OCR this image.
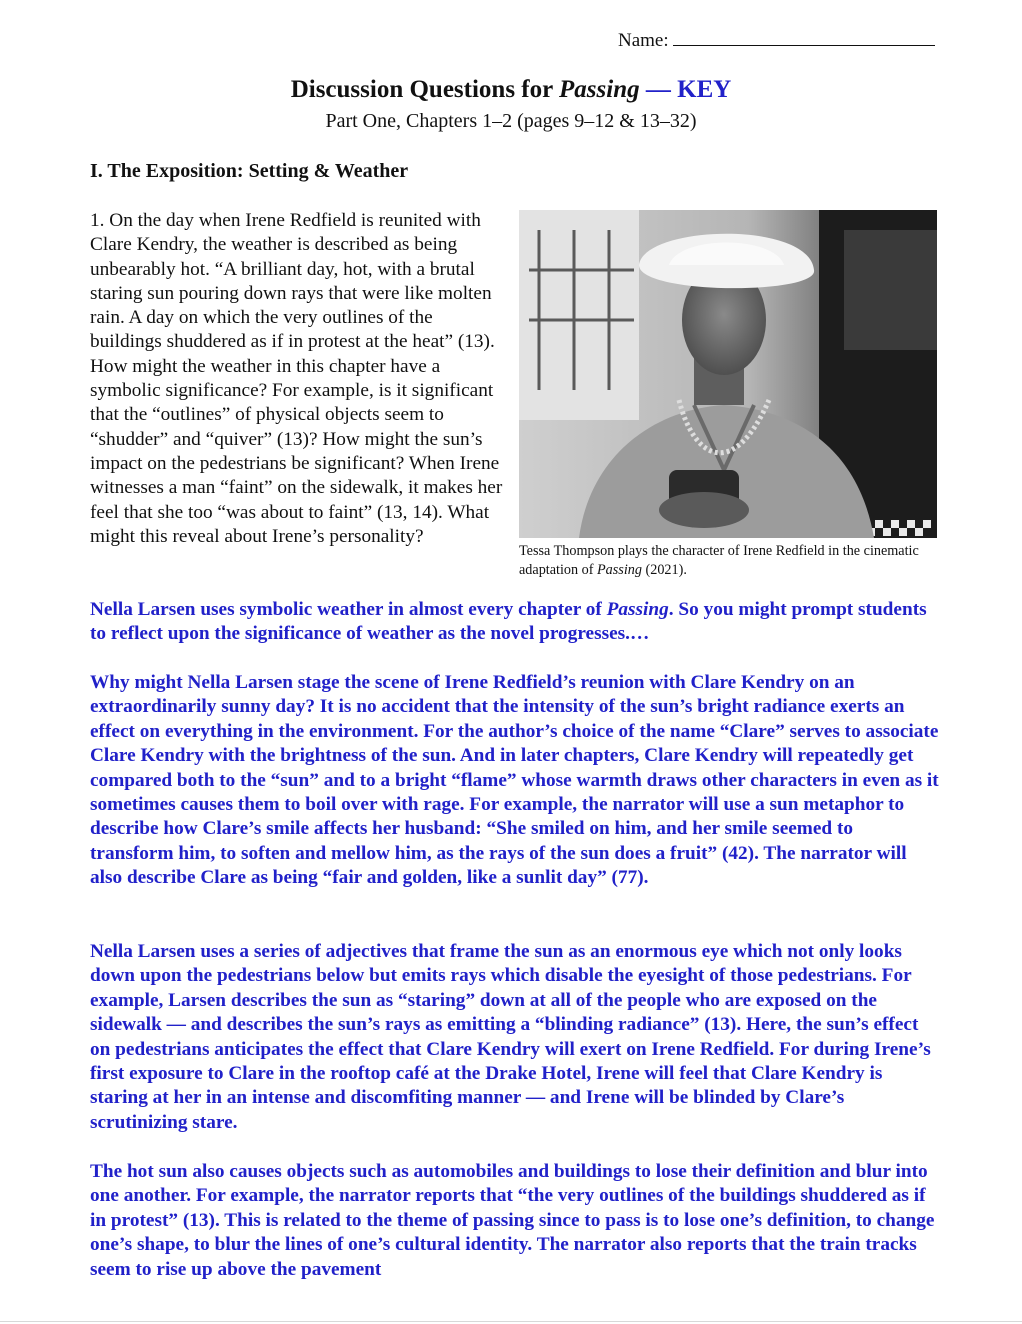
Name:
Discussion Questions for Passing — KEY
Part One, Chapters 1–2 (pages 9–12 & 13–32)
I. The Exposition: Setting & Weather
1. On the day when Irene Redfield is reunited with Clare Kendry, the weather is described as being unbearably hot. “A brilliant day, hot, with a brutal staring sun pouring down rays that were like molten rain. A day on which the very outlines of the buildings shuddered as if in protest at the heat” (13). How might the weather in this chapter have a symbolic significance? For example, is it significant that the “outlines” of physical objects seem to “shudder” and “quiver” (13)? How might the sun’s impact on the pedestrians be significant? When Irene witnesses a man “faint” on the sidewalk, it makes her feel that she too “was about to faint” (13, 14). What might this reveal about Irene’s personality?
Tessa Thompson plays the character of Irene Redfield in the cinematic adaptation of Passing (2021).

Nella Larsen uses symbolic weather in almost every chapter of Passing. So you might prompt students to reflect upon the significance of weather as the novel progresses.…

Why might Nella Larsen stage the scene of Irene Redfield’s reunion with Clare Kendry on an extraordinarily sunny day? It is no accident that the intensity of the sun’s bright radiance exerts an effect on everything in the environment. For the author’s choice of the name “Clare” serves to associate Clare Kendry with the brightness of the sun. And in later chapters, Clare Kendry will repeatedly get compared both to the “sun” and to a bright “flame” whose warmth draws other characters in even as it sometimes causes them to boil over with rage. For example, the narrator will use a sun metaphor to describe how Clare’s smile affects her husband: “She smiled on him, and her smile seemed to transform him, to soften and mellow him, as the rays of the sun does a fruit” (42). The narrator will also describe Clare as being “fair and golden, like a sunlit day” (77).

Nella Larsen uses a series of adjectives that frame the sun as an enormous eye which not only looks down upon the pedestrians below but emits rays which disable the eyesight of those pedestrians. For example, Larsen describes the sun as “staring” down at all of the people who are exposed on the sidewalk — and describes the sun’s rays as emitting a “blinding radiance” (13). Here, the sun’s effect on pedestrians anticipates the effect that Clare Kendry will exert on Irene Redfield. For during Irene’s first exposure to Clare in the rooftop café at the Drake Hotel, Irene will feel that Clare Kendry is staring at her in an intense and discomfiting manner — and Irene will be blinded by Clare’s scrutinizing stare.

The hot sun also causes objects such as automobiles and buildings to lose their definition and blur into one another. For example, the narrator reports that “the very outlines of the buildings shuddered as if in protest” (13). This is related to the theme of passing since to pass is to lose one’s definition, to change one’s shape, to blur the lines of one’s cultural identity. The narrator also reports that the train tracks seem to rise up above the pavement
